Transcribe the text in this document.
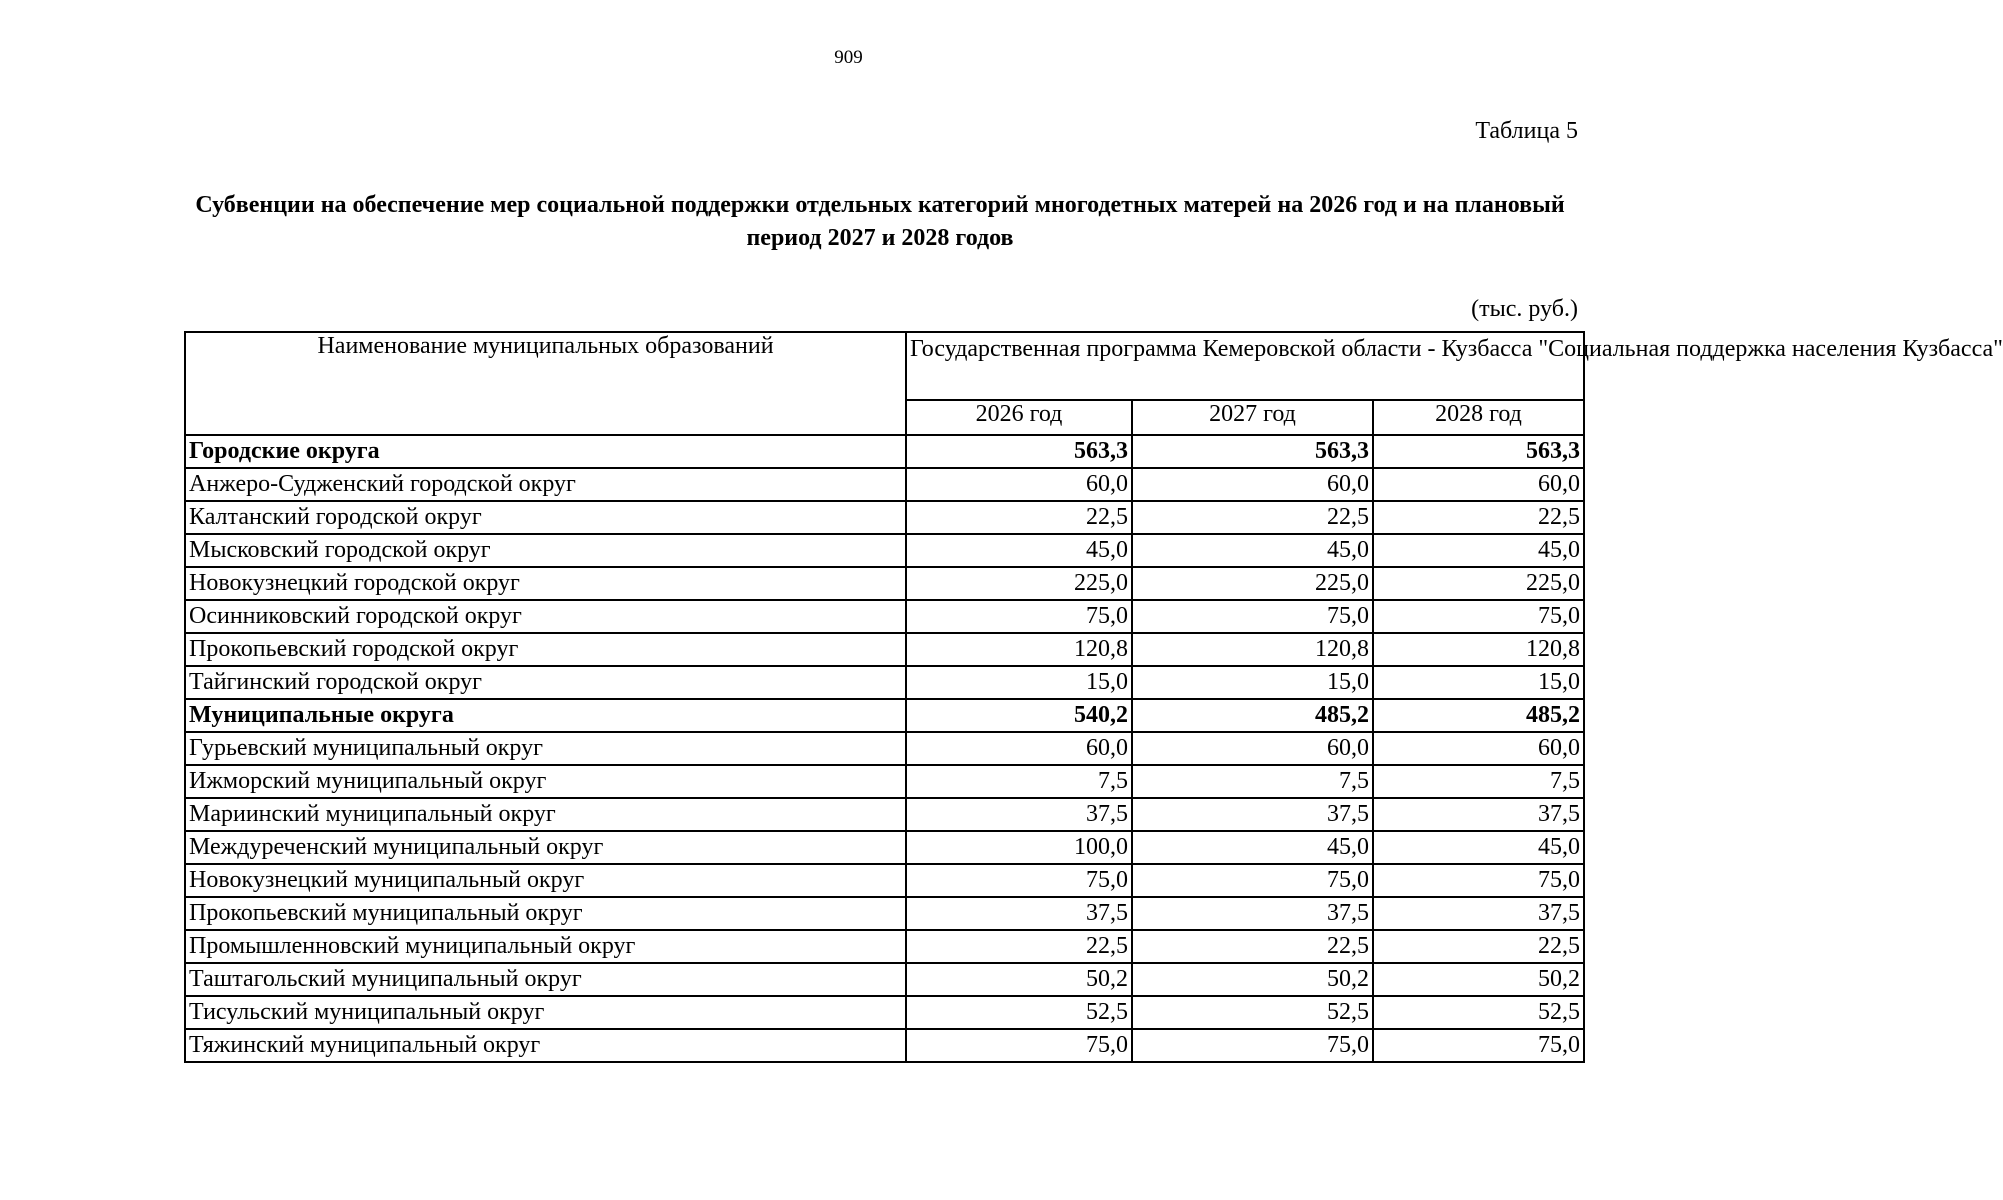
909
Таблица 5
Субвенции на обеспечение мер социальной поддержки отдельных категорий многодетных матерей на 2026 год и на плановый период 2027 и 2028 годов
(тыс. руб.)
Наименование муниципальных образований	Государственная программа Кемеровской области - Кузбасса "Социальная поддержка населения Кузбасса"		
	2026 год	2027 год	2028 год
Городские округа	563,3	563,3	563,3
Анжеро-Судженский городской округ	60,0	60,0	60,0
Калтанский городской округ	22,5	22,5	22,5
Мысковский городской округ	45,0	45,0	45,0
Новокузнецкий городской округ	225,0	225,0	225,0
Осинниковский городской округ	75,0	75,0	75,0
Прокопьевский городской округ	120,8	120,8	120,8
Тайгинский городской округ	15,0	15,0	15,0
Муниципальные округа	540,2	485,2	485,2
Гурьевский муниципальный округ	60,0	60,0	60,0
Ижморский муниципальный округ	7,5	7,5	7,5
Мариинский муниципальный округ	37,5	37,5	37,5
Междуреченский муниципальный округ	100,0	45,0	45,0
Новокузнецкий муниципальный округ	75,0	75,0	75,0
Прокопьевский муниципальный округ	37,5	37,5	37,5
Промышленновский муниципальный округ	22,5	22,5	22,5
Таштагольский муниципальный округ	50,2	50,2	50,2
Тисульский муниципальный округ	52,5	52,5	52,5
Тяжинский муниципальный округ	75,0	75,0	75,0
